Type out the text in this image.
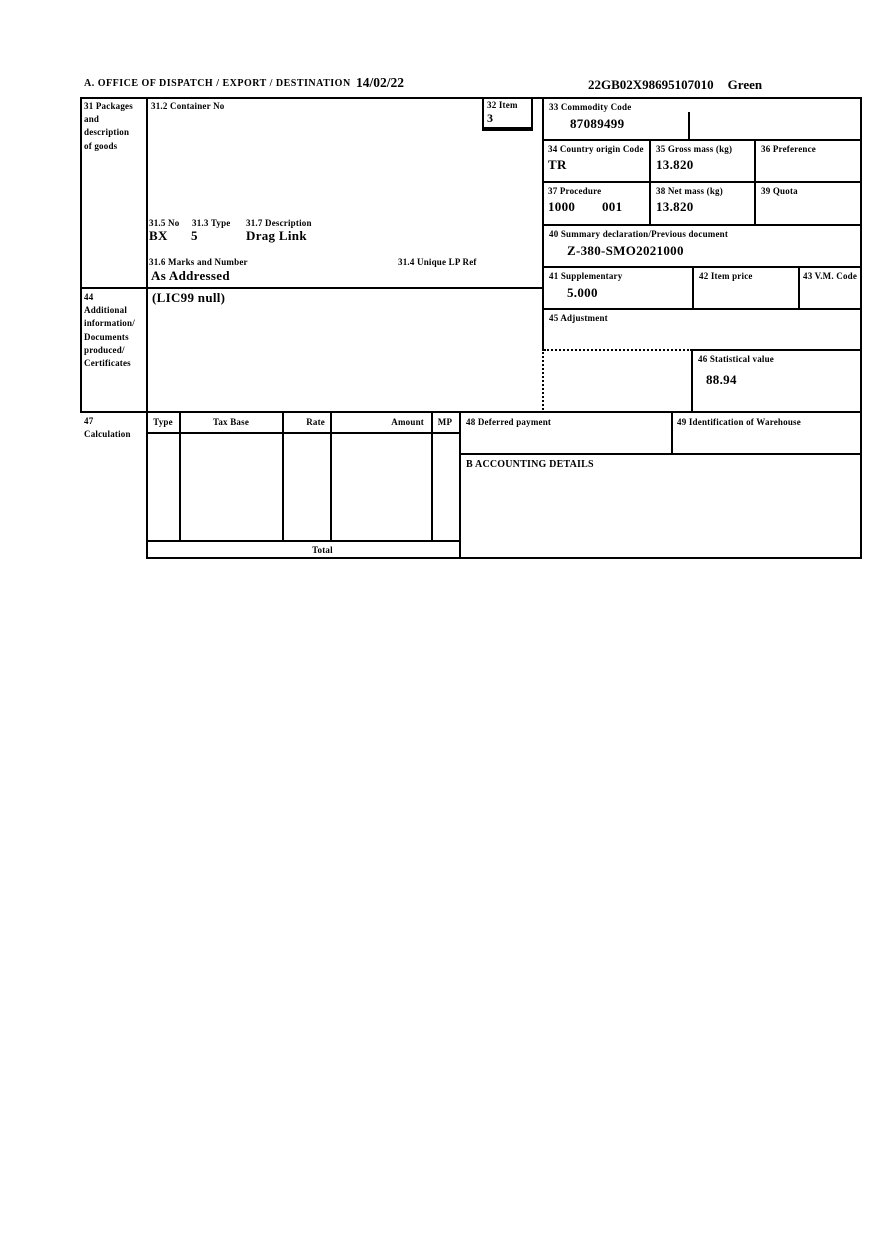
A. OFFICE OF DISPATCH / EXPORT / DESTINATION 14/02/22	22GB02X98695107010 Green
31 Packages
and
description
of goods
31.2 Container No
31.5 No 31.3 Type 31.7 Description
BX 5	Drag Link
31.6 Marks and Number	31.4 Unique LP Ref
As Addressed
32 Item
3
33 Commodity Code
87089499
34 Country origin Code
TR
35 Gross mass (kg)
13.820
36 Preference
37 Procedure
1000 001
38 Net mass (kg)
13.820
39 Quota
40 Summary declaration/Previous document
Z-380-SMO2021000
41 Supplementary
5.000
42 Item price	43 V.M. Code
44
Additional
information/
Documents
produced/
Certificates
(LIC99 null)
45 Adjustment
46 Statistical value
88.94
47
Calculation
Type	Tax Base	Rate	Amount	MP
Total
48 Deferred payment	49 Identification of Warehouse
B ACCOUNTING DETAILS
